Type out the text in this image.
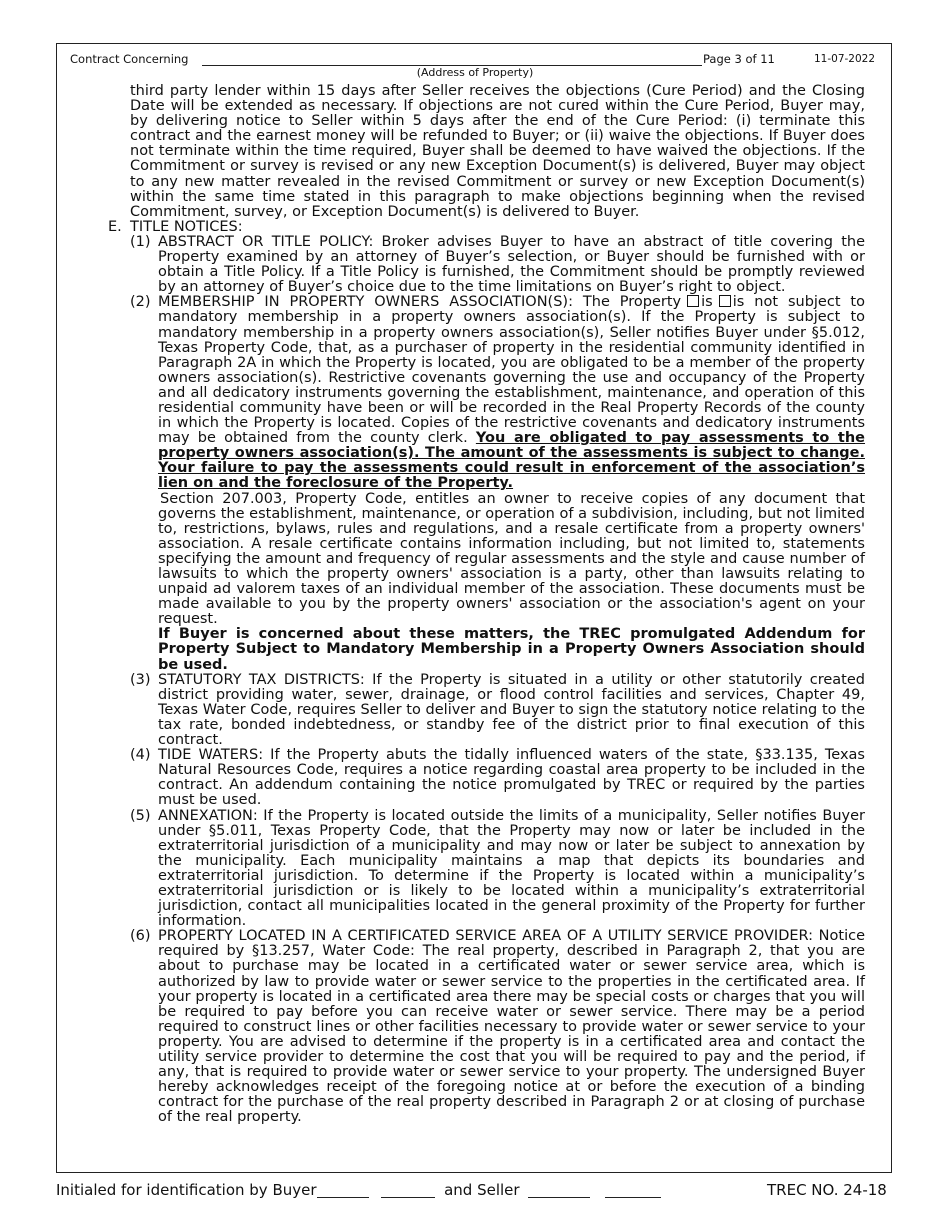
Contract Concerning	Page 3 of 11	11-07-2022
(Address of Property)
third party lender within 15 days after Seller receives the objections (Cure Period) and the Closing Date will be extended as necessary. If objections are not cured within the Cure Period, Buyer may, by delivering notice to Seller within 5 days after the end of the Cure Period: (i) terminate this contract and the earnest money will be refunded to Buyer; or (ii) waive the objections. If Buyer does not terminate within the time required, Buyer shall be deemed to have waived the objections. If the Commitment or survey is revised or any new Exception Document(s) is delivered, Buyer may object to any new matter revealed in the revised Commitment or survey or new Exception Document(s) within the same time stated in this paragraph to make objections beginning when the revised Commitment, survey, or Exception Document(s) is delivered to Buyer.
E. TITLE NOTICES:
(1) ABSTRACT OR TITLE POLICY: Broker advises Buyer to have an abstract of title covering the Property examined by an attorney of Buyer’s selection, or Buyer should be furnished with or obtain a Title Policy. If a Title Policy is furnished, the Commitment should be promptly reviewed by an attorney of Buyer’s choice due to the time limitations on Buyer’s right to object.
(2) MEMBERSHIP IN PROPERTY OWNERS ASSOCIATION(S): The Property is is not subject to mandatory membership in a property owners association(s). If the Property is subject to mandatory membership in a property owners association(s), Seller notifies Buyer under §5.012, Texas Property Code, that, as a purchaser of property in the residential community identified in Paragraph 2A in which the Property is located, you are obligated to be a member of the property owners association(s). Restrictive covenants governing the use and occupancy of the Property and all dedicatory instruments governing the establishment, maintenance, and operation of this residential community have been or will be recorded in the Real Property Records of the county in which the Property is located. Copies of the restrictive covenants and dedicatory instruments may be obtained from the county clerk. You are obligated to pay assessments to the property owners association(s). The amount of the assessments is subject to change. Your failure to pay the assessments could result in enforcement of the association’s lien on and the foreclosure of the Property.
Section 207.003, Property Code, entitles an owner to receive copies of any document that governs the establishment, maintenance, or operation of a subdivision, including, but not limited to, restrictions, bylaws, rules and regulations, and a resale certificate from a property owners' association. A resale certificate contains information including, but not limited to, statements specifying the amount and frequency of regular assessments and the style and cause number of lawsuits to which the property owners' association is a party, other than lawsuits relating to unpaid ad valorem taxes of an individual member of the association. These documents must be made available to you by the property owners' association or the association's agent on your request.
If Buyer is concerned about these matters, the TREC promulgated Addendum for Property Subject to Mandatory Membership in a Property Owners Association should be used.
(3) STATUTORY TAX DISTRICTS: If the Property is situated in a utility or other statutorily created district providing water, sewer, drainage, or flood control facilities and services, Chapter 49, Texas Water Code, requires Seller to deliver and Buyer to sign the statutory notice relating to the tax rate, bonded indebtedness, or standby fee of the district prior to final execution of this contract.
(4) TIDE WATERS: If the Property abuts the tidally influenced waters of the state, §33.135, Texas Natural Resources Code, requires a notice regarding coastal area property to be included in the contract. An addendum containing the notice promulgated by TREC or required by the parties must be used.
(5) ANNEXATION: If the Property is located outside the limits of a municipality, Seller notifies Buyer under §5.011, Texas Property Code, that the Property may now or later be included in the extraterritorial jurisdiction of a municipality and may now or later be subject to annexation by the municipality. Each municipality maintains a map that depicts its boundaries and extraterritorial jurisdiction. To determine if the Property is located within a municipality’s extraterritorial jurisdiction or is likely to be located within a municipality’s extraterritorial jurisdiction, contact all municipalities located in the general proximity of the Property for further information.
(6) PROPERTY LOCATED IN A CERTIFICATED SERVICE AREA OF A UTILITY SERVICE PROVIDER: Notice required by §13.257, Water Code: The real property, described in Paragraph 2, that you are about to purchase may be located in a certificated water or sewer service area, which is authorized by law to provide water or sewer service to the properties in the certificated area. If your property is located in a certificated area there may be special costs or charges that you will be required to pay before you can receive water or sewer service. There may be a period required to construct lines or other facilities necessary to provide water or sewer service to your property. You are advised to determine if the property is in a certificated area and contact the utility service provider to determine the cost that you will be required to pay and the period, if any, that is required to provide water or sewer service to your property. The undersigned Buyer hereby acknowledges receipt of the foregoing notice at or before the execution of a binding contract for the purchase of the real property described in Paragraph 2 or at closing of purchase of the real property.
Initialed for identification by Buyer	and Seller	TREC NO. 24-18
